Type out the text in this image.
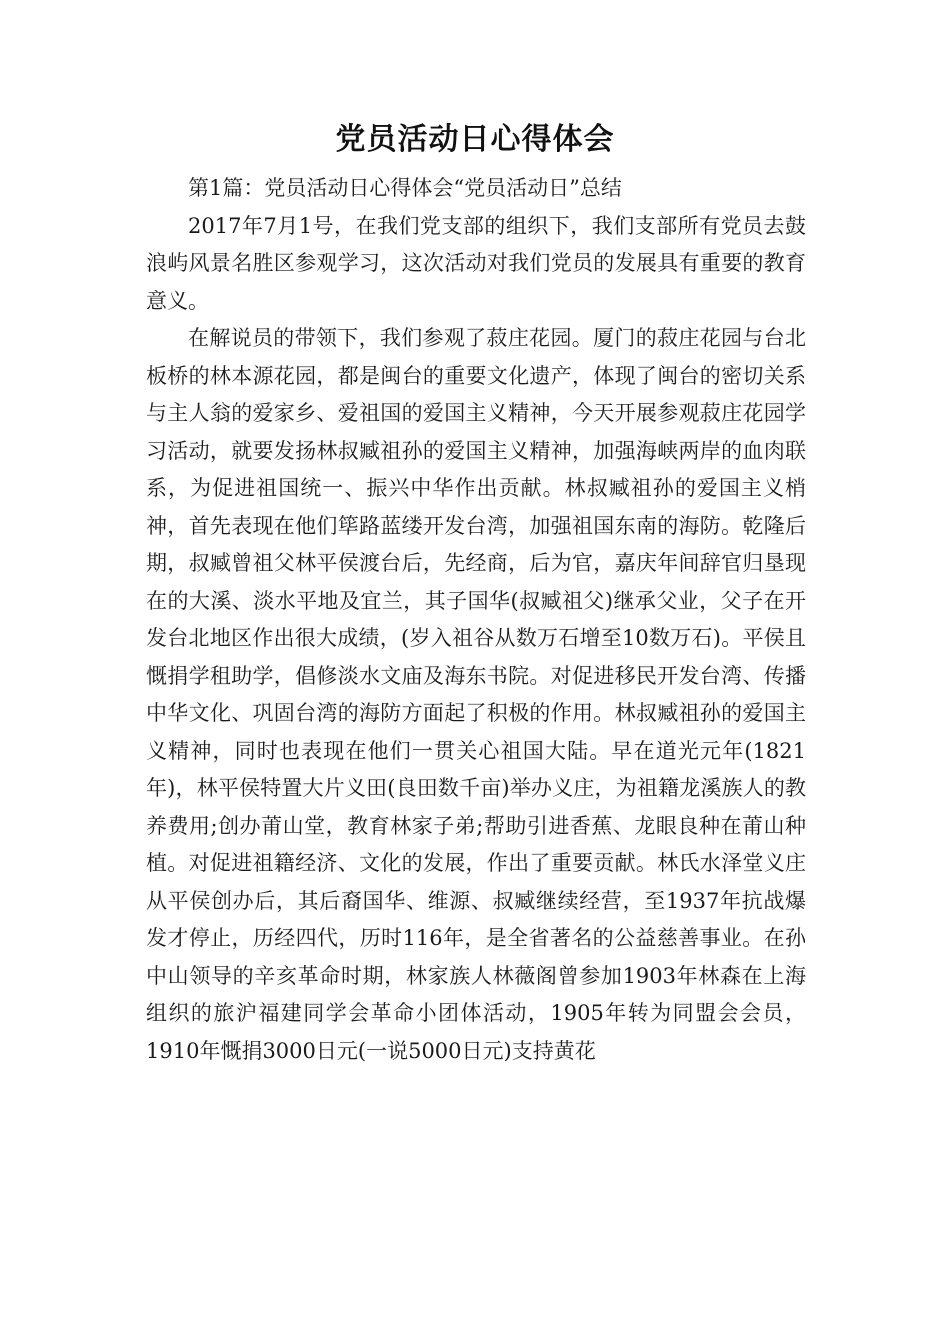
党员活动日心得体会

第1篇：党员活动日心得体会“党员活动日”总结

2017年7月1号，在我们党支部的组织下，我们支部所有党员去鼓浪屿风景名胜区参观学习，这次活动对我们党员的发展具有重要的教育意义。

在解说员的带领下，我们参观了菽庄花园。厦门的菽庄花园与台北板桥的林本源花园，都是闽台的重要文化遗产，体现了闽台的密切关系与主人翁的爱家乡、爱祖国的爱国主义精神，今天开展参观菽庄花园学习活动，就要发扬林叔臧祖孙的爱国主义精神，加强海峡两岸的血肉联系，为促进祖国统一、振兴中华作出贡献。林叔臧祖孙的爱国主义梢神，首先表现在他们筚路蓝缕开发台湾，加强祖国东南的海防。乾隆后期，叔臧曾祖父林平侯渡台后，先经商，后为官，嘉庆年间辞官归垦现在的大溪、淡水平地及宜兰，其子国华(叔臧祖父)继承父业，父子在开发台北地区作出很大成绩，(岁入祖谷从数万石增至10数万石)。平侯且慨捐学租助学，倡修淡水文庙及海东书院。对促进移民开发台湾、传播中华文化、巩固台湾的海防方面起了积极的作用。林叔臧祖孙的爱国主义精神，同时也表现在他们一贯关心祖国大陆。早在道光元年(1821年)，林平侯特置大片义田(良田数千亩)举办义庄，为祖籍龙溪族人的教养费用;创办莆山堂，教育林家子弟;帮助引进香蕉、龙眼良种在莆山种植。对促进祖籍经济、文化的发展，作出了重要贡献。林氏水泽堂义庄从平侯创办后，其后裔国华、维源、叔臧继续经营，至1937年抗战爆发才停止，历经四代，历时116年，是全省著名的公益慈善事业。在孙中山领导的辛亥革命时期，林家族人林薇阁曾参加1903年林森在上海组织的旅沪福建同学会革命小团体活动，1905年转为同盟会会员，1910年慨捐3000日元(一说5000日元)支持黄花
